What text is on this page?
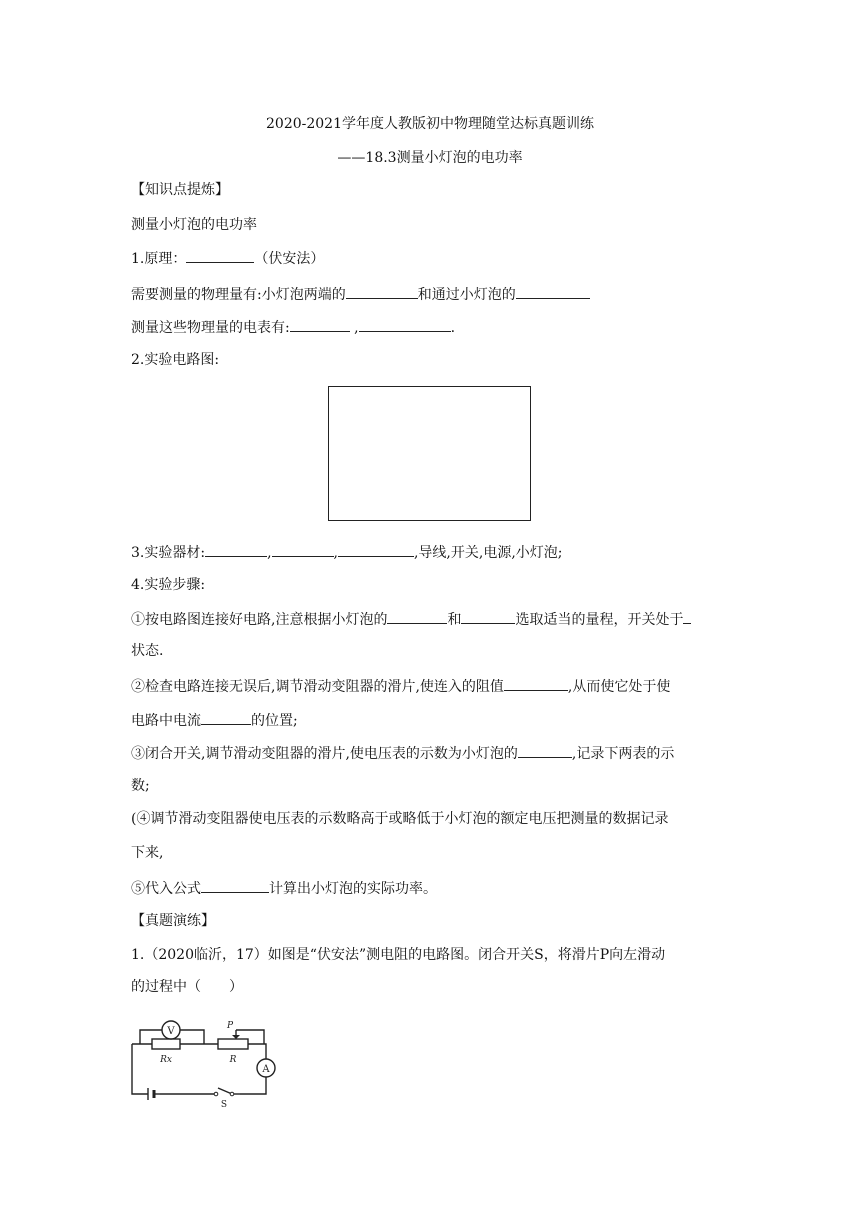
2020-2021学年度人教版初中物理随堂达标真题训练
——18.3测量小灯泡的电功率
【知识点提炼】
测量小灯泡的电功率
1.原理：	（伏安法）
需要测量的物理量有:小灯泡两端的	和通过小灯泡的
测量这些物理量的电表有:	,	.
2.实验电路图:
3.实验器材:	,	,	,导线,开关,电源,小灯泡;
4.实验步骤:
①按电路图连接好电路,注意根据小灯泡的	和	选取适当的量程，开关处于
状态.
②检查电路连接无误后,调节滑动变阻器的滑片,使连入的阻值	,从而使它处于使
电路中电流	的位置;
③闭合开关,调节滑动变阻器的滑片,使电压表的示数为小灯泡的	,记录下两表的示
数;
(④调节滑动变阻器使电压表的示数略高于或略低于小灯泡的额定电压把测量的数据记录
下来,
⑤代入公式	计算出小灯泡的实际功率。
【真题演练】
1.（2020临沂，17）如图是“伏安法”测电阻的电路图。闭合开关S，将滑片P向左滑动
的过程中（　　）
V
A
Rx	R
P
S
